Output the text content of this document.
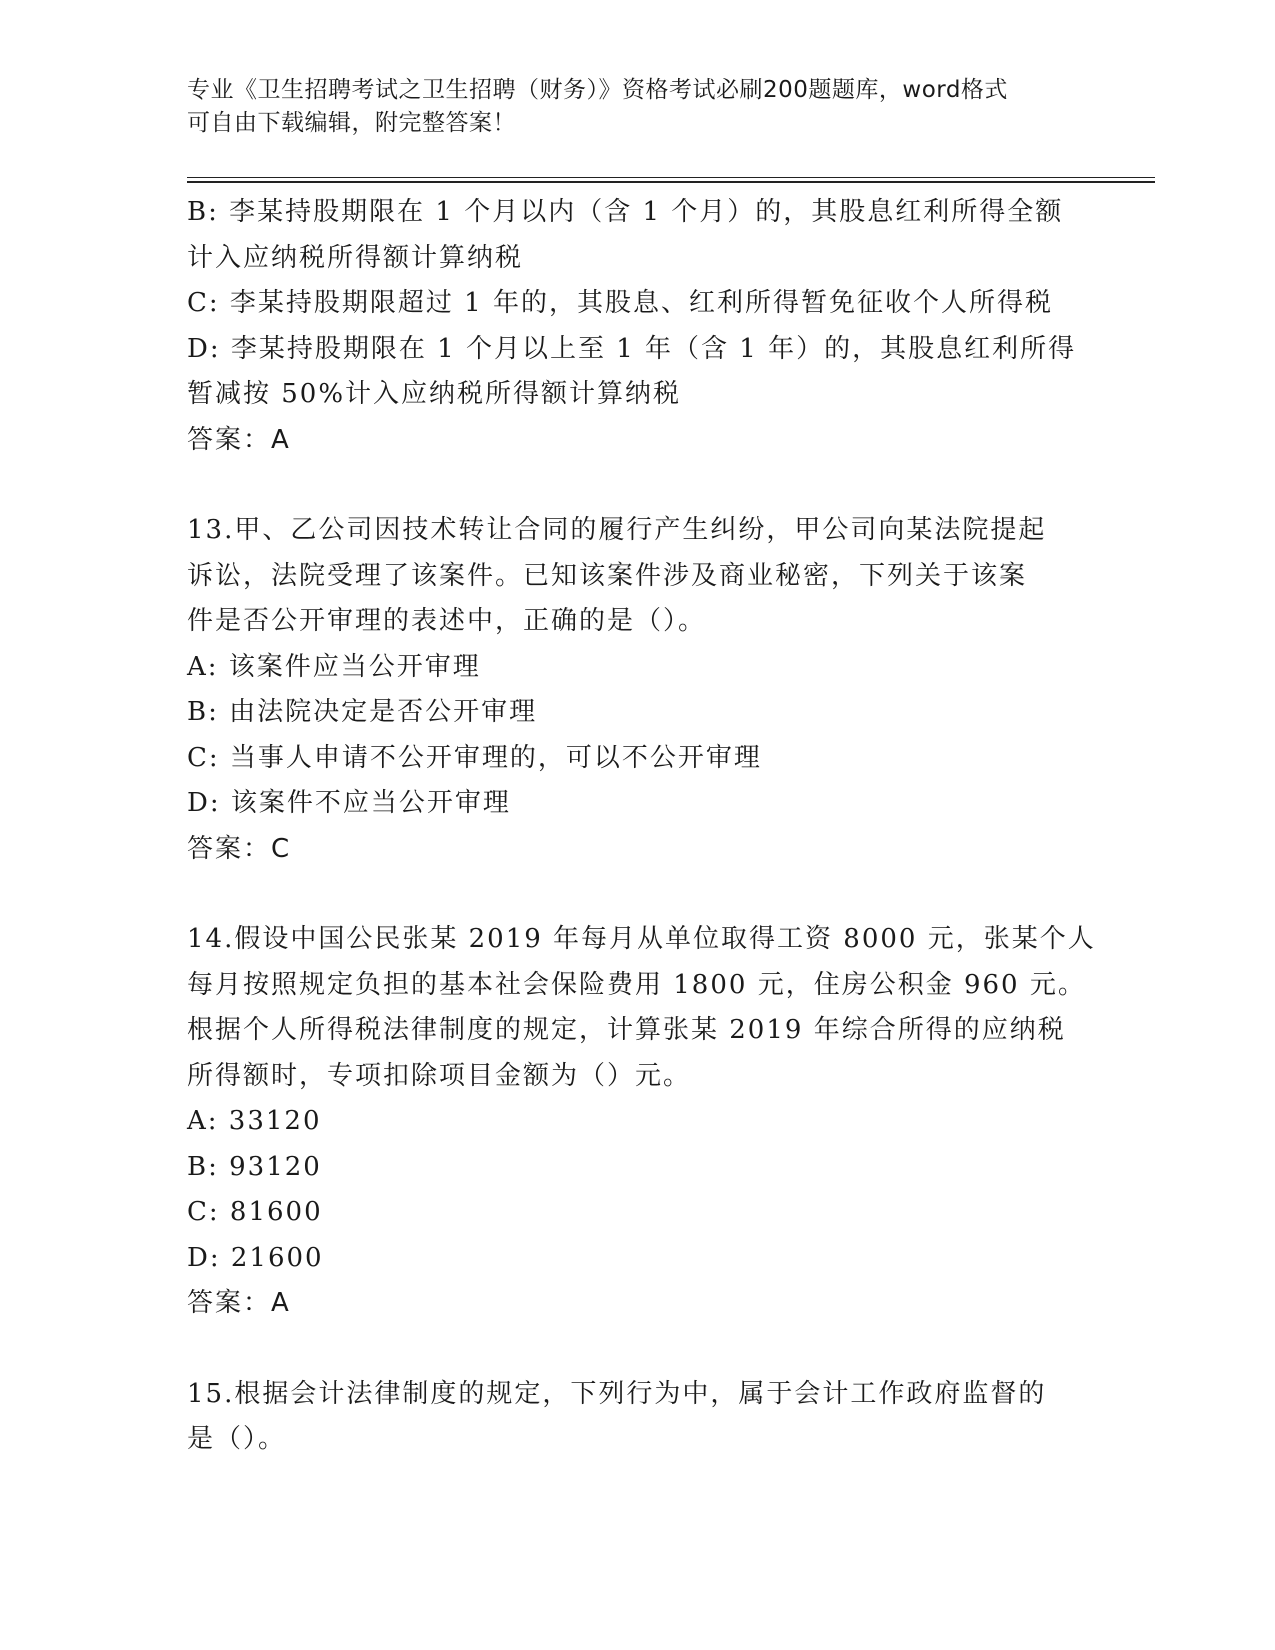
专业《卫生招聘考试之卫生招聘（财务）》资格考试必刷200题题库，word格式
可自由下载编辑，附完整答案！
B: 李某持股期限在 1 个月以内（含 1 个月）的，其股息红利所得全额
计入应纳税所得额计算纳税
C: 李某持股期限超过 1 年的，其股息、红利所得暂免征收个人所得税
D: 李某持股期限在 1 个月以上至 1 年（含 1 年）的，其股息红利所得
暂减按 50%计入应纳税所得额计算纳税
答案：A
13.甲、乙公司因技术转让合同的履行产生纠纷，甲公司向某法院提起
诉讼，法院受理了该案件。已知该案件涉及商业秘密，下列关于该案
件是否公开审理的表述中，正确的是（）。
A: 该案件应当公开审理
B: 由法院决定是否公开审理
C: 当事人申请不公开审理的，可以不公开审理
D: 该案件不应当公开审理
答案：C
14.假设中国公民张某 2019 年每月从单位取得工资 8000 元，张某个人
每月按照规定负担的基本社会保险费用 1800 元，住房公积金 960 元。
根据个人所得税法律制度的规定，计算张某 2019 年综合所得的应纳税
所得额时，专项扣除项目金额为（）元。
A: 33120
B: 93120
C: 81600
D: 21600
答案：A
15.根据会计法律制度的规定，下列行为中，属于会计工作政府监督的
是（）。
